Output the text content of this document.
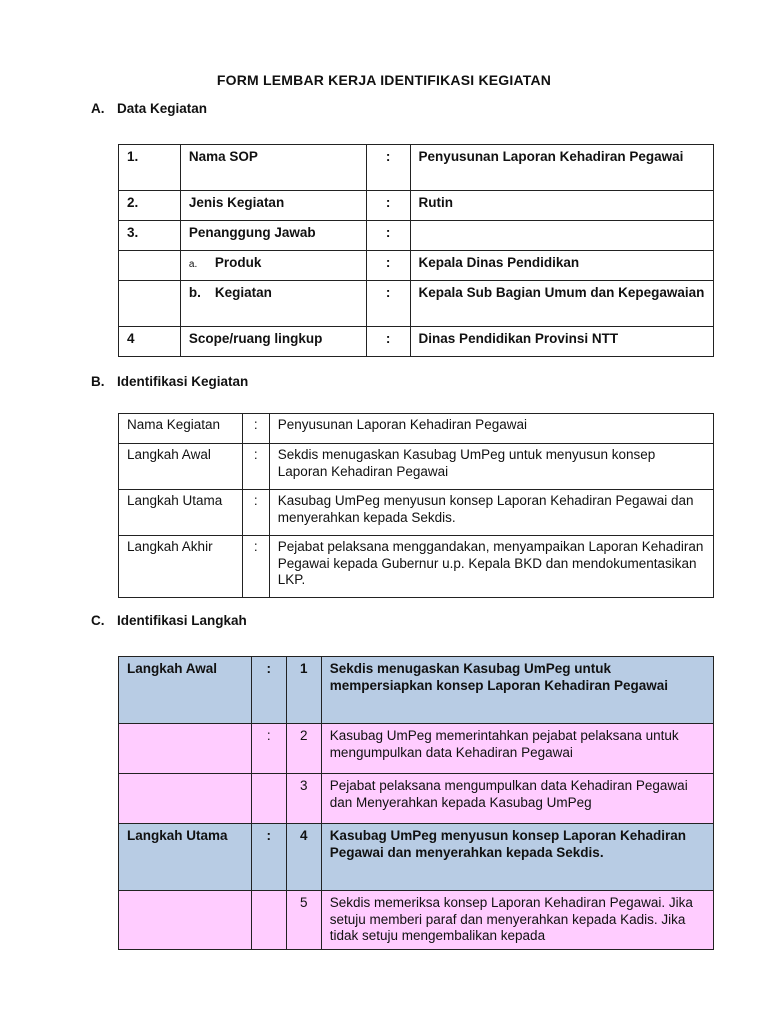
FORM LEMBAR KERJA IDENTIFIKASI KEGIATAN
A. Data Kegiatan
1.	Nama SOP	:	Penyusunan Laporan Kehadiran Pegawai
2.	Jenis Kegiatan	:	Rutin
3.	Penanggung Jawab	:	
	a. Produk	:	Kepala Dinas Pendidikan
	b. Kegiatan	:	Kepala Sub Bagian Umum dan Kepegawaian
4	Scope/ruang lingkup	:	Dinas Pendidikan Provinsi NTT
B. Identifikasi Kegiatan
Nama Kegiatan	:	Penyusunan Laporan Kehadiran Pegawai
Langkah Awal	:	Sekdis menugaskan Kasubag UmPeg untuk menyusun konsep Laporan Kehadiran Pegawai
Langkah Utama	:	Kasubag UmPeg menyusun konsep Laporan Kehadiran Pegawai dan menyerahkan kepada Sekdis.
Langkah Akhir	:	Pejabat pelaksana menggandakan, menyampaikan Laporan Kehadiran Pegawai kepada Gubernur u.p. Kepala BKD dan mendokumentasikan LKP.
C. Identifikasi Langkah
Langkah Awal	:	1	Sekdis menugaskan Kasubag UmPeg untuk mempersiapkan konsep Laporan Kehadiran Pegawai
	:	2	Kasubag UmPeg memerintahkan pejabat pelaksana untuk mengumpulkan data Kehadiran Pegawai
		3	Pejabat pelaksana mengumpulkan data Kehadiran Pegawai dan Menyerahkan kepada Kasubag UmPeg
Langkah Utama	:	4	Kasubag UmPeg menyusun konsep Laporan Kehadiran Pegawai dan menyerahkan kepada Sekdis.
		5	Sekdis memeriksa konsep Laporan Kehadiran Pegawai. Jika setuju memberi paraf dan menyerahkan kepada Kadis. Jika tidak setuju mengembalikan kepada
